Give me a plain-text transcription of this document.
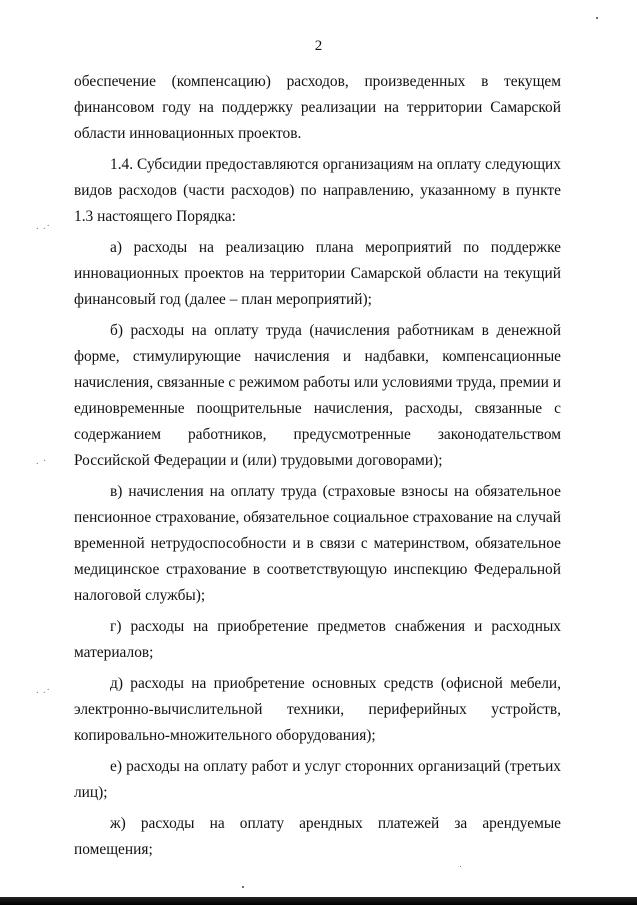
2

обеспечение (компенсацию) расходов, произведенных в текущем финансовом году на поддержку реализации на территории Самарской области инновационных проектов.

1.4. Субсидии предоставляются организациям на оплату следующих видов расходов (части расходов) по направлению, указанному в пункте 1.3 настоящего Порядка:

а) расходы на реализацию плана мероприятий по поддержке инновационных проектов на территории Самарской области на текущий финансовый год (далее – план мероприятий);

б) расходы на оплату труда (начисления работникам в денежной форме, стимулирующие начисления и надбавки, компенсационные начисления, связанные с режимом работы или условиями труда, премии и единовременные поощрительные начисления, расходы, связанные с содержанием работников, предусмотренные законодательством Российской Федерации и (или) трудовыми договорами);

в) начисления на оплату труда (страховые взносы на обязательное пенсионное страхование, обязательное социальное страхование на случай временной нетрудоспособности и в связи с материнством, обязательное медицинское страхование в соответствующую инспекцию Федеральной налоговой службы);

г) расходы на приобретение предметов снабжения и расходных материалов;

д) расходы на приобретение основных средств (офисной мебели, электронно-вычислительной техники, периферийных устройств, копировально-множительного оборудования);

е) расходы на оплату работ и услуг сторонних организаций (третьих лиц);

ж) расходы на оплату арендных платежей за арендуемые помещения;

. .·
. ·
. .·
